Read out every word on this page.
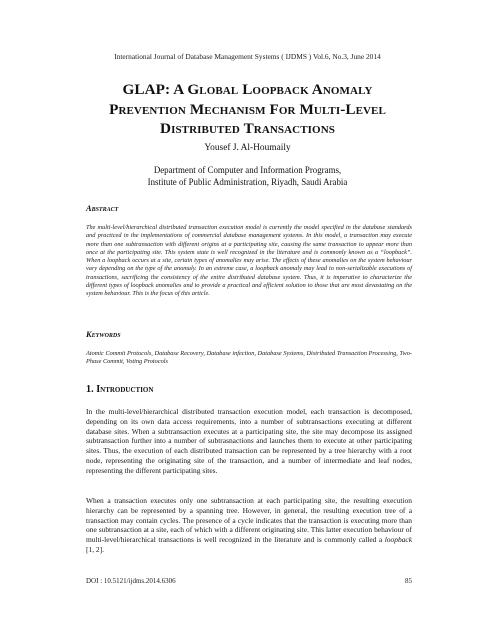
International Journal of Database Management Systems ( IJDMS ) Vol.6, No.3, June 2014
GLAP: A Global Loopback Anomaly
Prevention Mechanism For Multi-Level
Distributed Transactions
Yousef J. Al-Houmaily
Department of Computer and Information Programs,
Institute of Public Administration, Riyadh, Saudi Arabia
Abstract
The multi-level/hierarchical distributed transaction execution model is currently the model specified in the database standards and practiced in the implementations of commercial database management systems. In this model, a transaction may execute more than one subtransaction with different origins at a participating site, causing the same transaction to appear more than once at the participating site. This system state is well recognized in the literature and is commonly known as a “loopback”. When a loopback occurs at a site, certain types of anomalies may arise. The effects of these anomalies on the system behaviour vary depending on the type of the anomaly. In an extreme case, a loopback anomaly may lead to non-serializable executions of transactions, sacrificing the consistency of the entire distributed database system. Thus, it is imperative to characterize the different types of loopback anomalies and to provide a practical and efficient solution to those that are most devastating on the system behaviour. This is the focus of this article.
Keywords
Atomic Commit Protocols, Database Recovery, Database infection, Database Systems, Distributed Transaction Processing, Two-Phase Commit, Voting Protocols
1. Introduction
In the multi-level/hierarchical distributed transaction execution model, each transaction is decomposed, depending on its own data access requirements, into a number of subtransactions executing at different database sites. When a subtransaction executes at a participating site, the site may decompose its assigned subtransaction further into a number of subtrasnactions and launches them to execute at other participating sites. Thus, the execution of each distributed transaction can be represented by a tree hierarchy with a root node, representing the originating site of the transaction, and a number of intermediate and leaf nodes, representing the different participating sites.
When a transaction executes only one subtransaction at each participating site, the resulting execution hierarchy can be represented by a spanning tree. However, in general, the resulting execution tree of a transaction may contain cycles. The presence of a cycle indicates that the transaction is executing more than one subtransaction at a site, each of which with a different originating site. This latter execution behaviour of multi-level/hierarchical transactions is well recognized in the literature and is commonly called a loopback [1, 2].
DOI : 10.5121/ijdms.2014.6306	85
